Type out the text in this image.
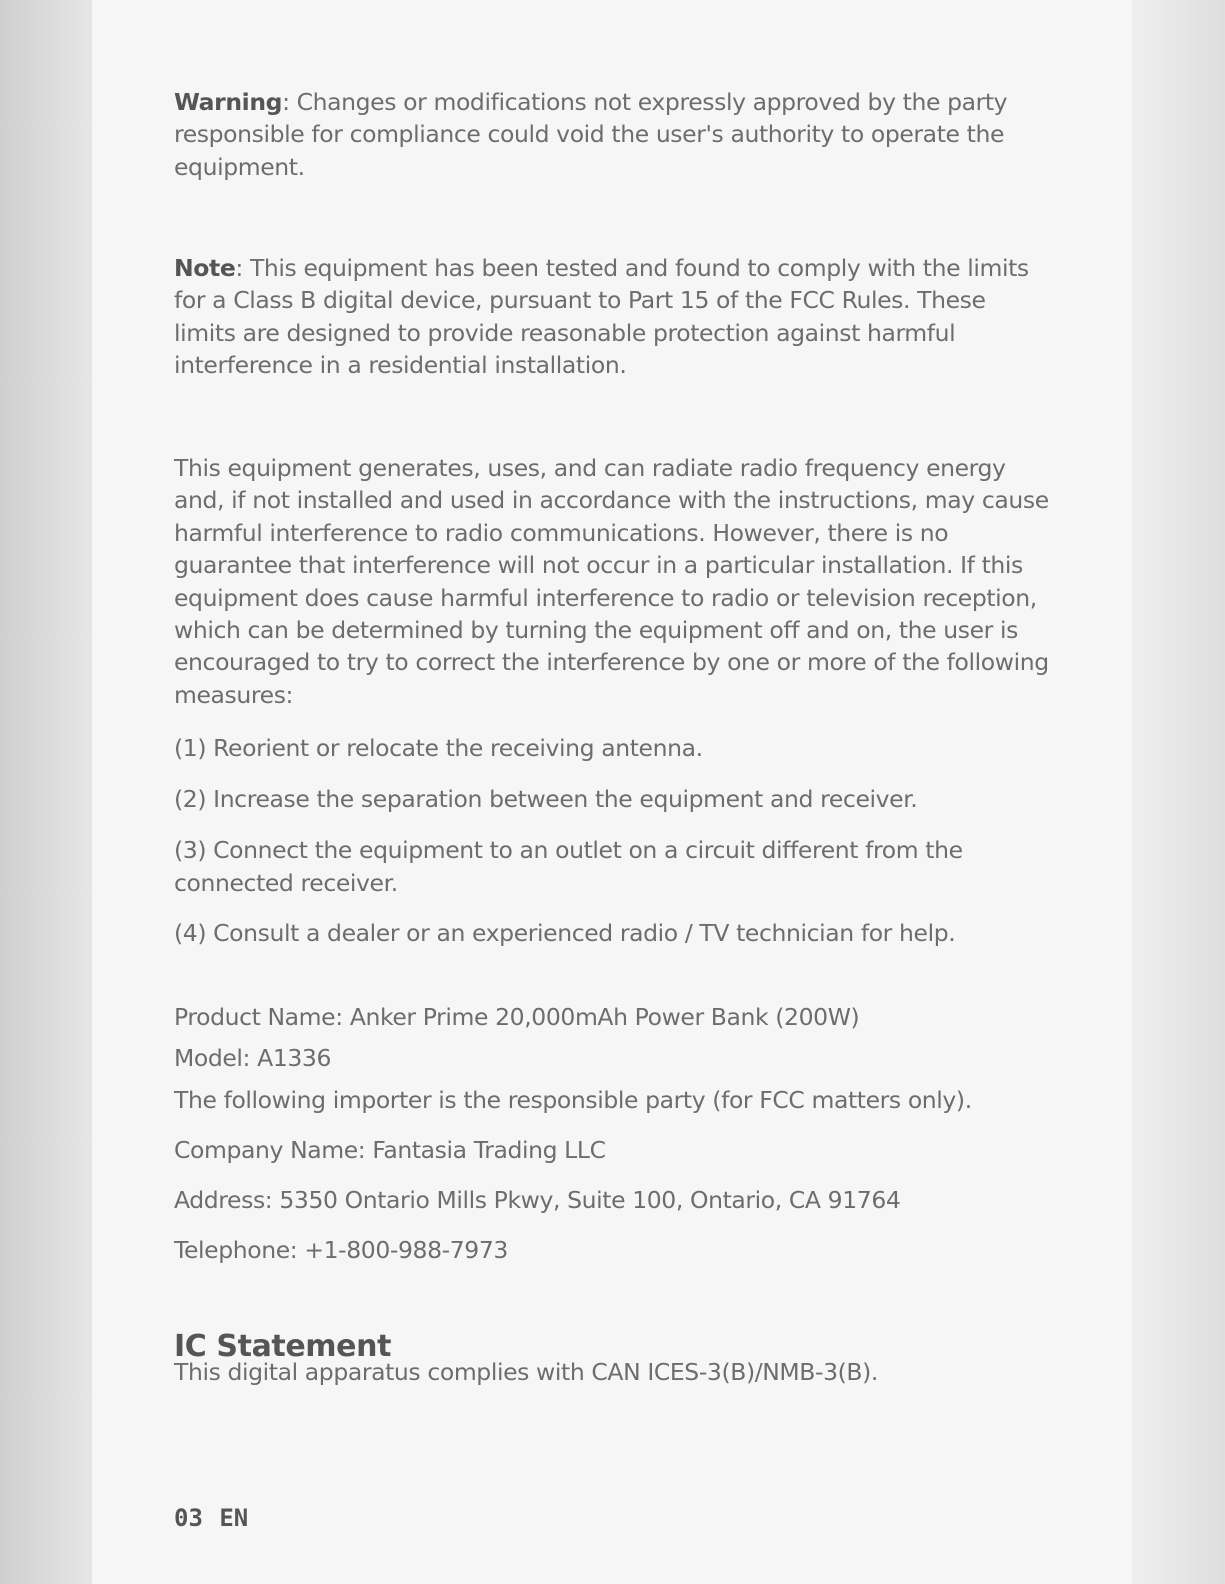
Warning: Changes or modifications not expressly approved by the party responsible for compliance could void the user's authority to operate the equipment.

Note: This equipment has been tested and found to comply with the limits for a Class B digital device, pursuant to Part 15 of the FCC Rules. These limits are designed to provide reasonable protection against harmful interference in a residential installation.

This equipment generates, uses, and can radiate radio frequency energy and, if not installed and used in accordance with the instructions, may cause harmful interference to radio communications. However, there is no guarantee that interference will not occur in a particular installation. If this equipment does cause harmful interference to radio or television reception, which can be determined by turning the equipment off and on, the user is encouraged to try to correct the interference by one or more of the following measures:

(1) Reorient or relocate the receiving antenna.

(2) Increase the separation between the equipment and receiver.

(3) Connect the equipment to an outlet on a circuit different from the connected receiver.

(4) Consult a dealer or an experienced radio / TV technician for help.

Product Name: Anker Prime 20,000mAh Power Bank (200W)

Model: A1336

The following importer is the responsible party (for FCC matters only).

Company Name: Fantasia Trading LLC

Address: 5350 Ontario Mills Pkwy, Suite 100, Ontario, CA 91764

Telephone: +1-800-988-7973

IC Statement

This digital apparatus complies with CAN ICES-3(B)/NMB-3(B).

03 EN
